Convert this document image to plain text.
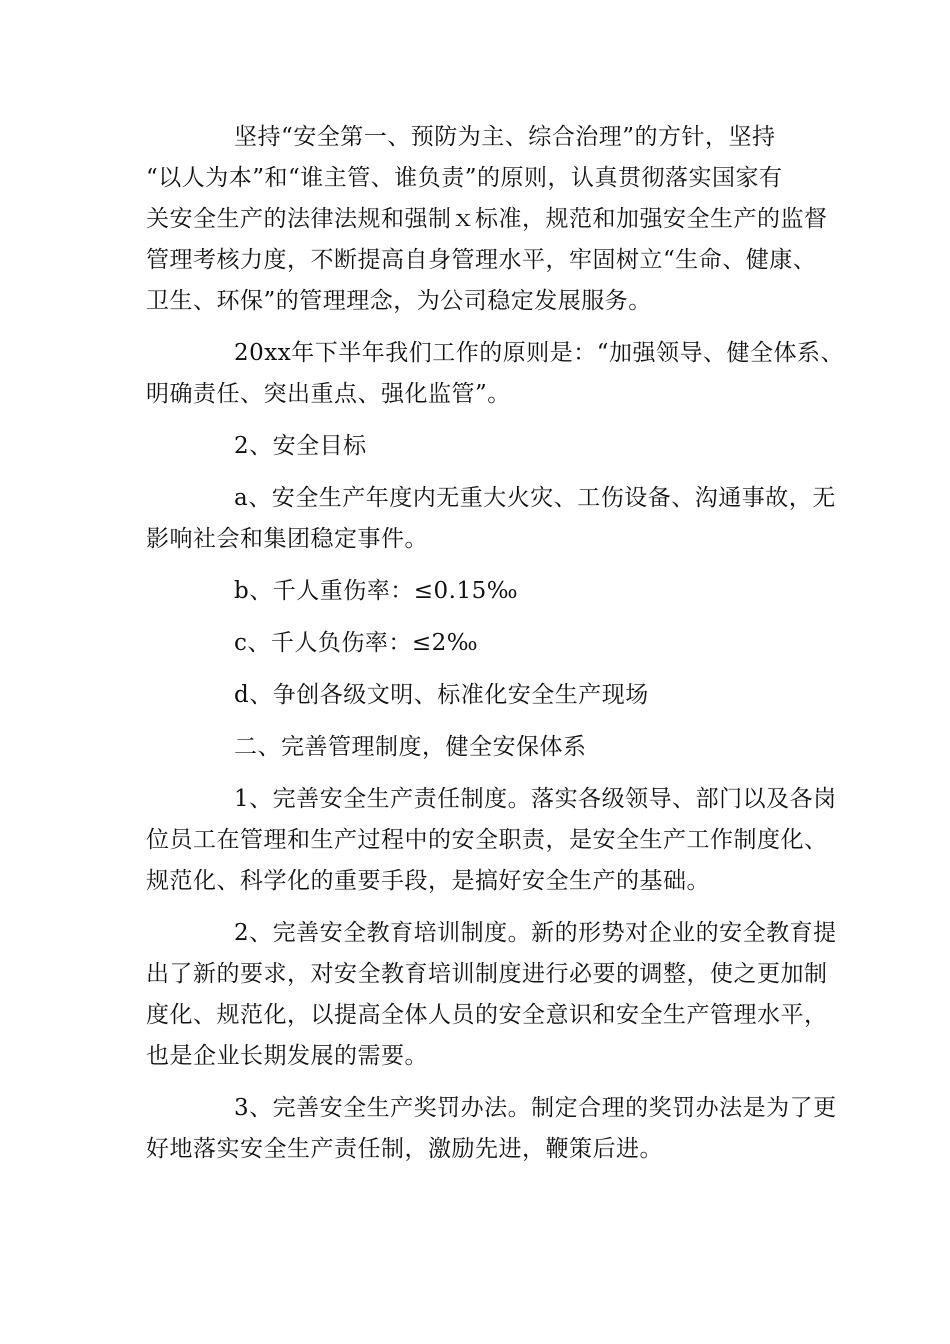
坚持“安全第一、预防为主、综合治理”的方针，坚持
“以人为本”和“谁主管、谁负责”的原则，认真贯彻落实国家有
关安全生产的法律法规和强制ｘ标准，规范和加强安全生产的监督
管理考核力度，不断提高自身管理水平，牢固树立“生命、健康、
卫生、环保”的管理理念，为公司稳定发展服务。

20xx年下半年我们工作的原则是：“加强领导、健全体系、
明确责任、突出重点、强化监管”。

2、安全目标

a、安全生产年度内无重大火灾、工伤设备、沟通事故，无
影响社会和集团稳定事件。

b、千人重伤率：≤0.15‰

c、千人负伤率：≤2‰

d、争创各级文明、标准化安全生产现场

二、完善管理制度，健全安保体系

1、完善安全生产责任制度。落实各级领导、部门以及各岗
位员工在管理和生产过程中的安全职责，是安全生产工作制度化、
规范化、科学化的重要手段，是搞好安全生产的基础。

2、完善安全教育培训制度。新的形势对企业的安全教育提
出了新的要求，对安全教育培训制度进行必要的调整，使之更加制
度化、规范化，以提高全体人员的安全意识和安全生产管理水平，
也是企业长期发展的需要。

3、完善安全生产奖罚办法。制定合理的奖罚办法是为了更
好地落实安全生产责任制，激励先进，鞭策后进。
